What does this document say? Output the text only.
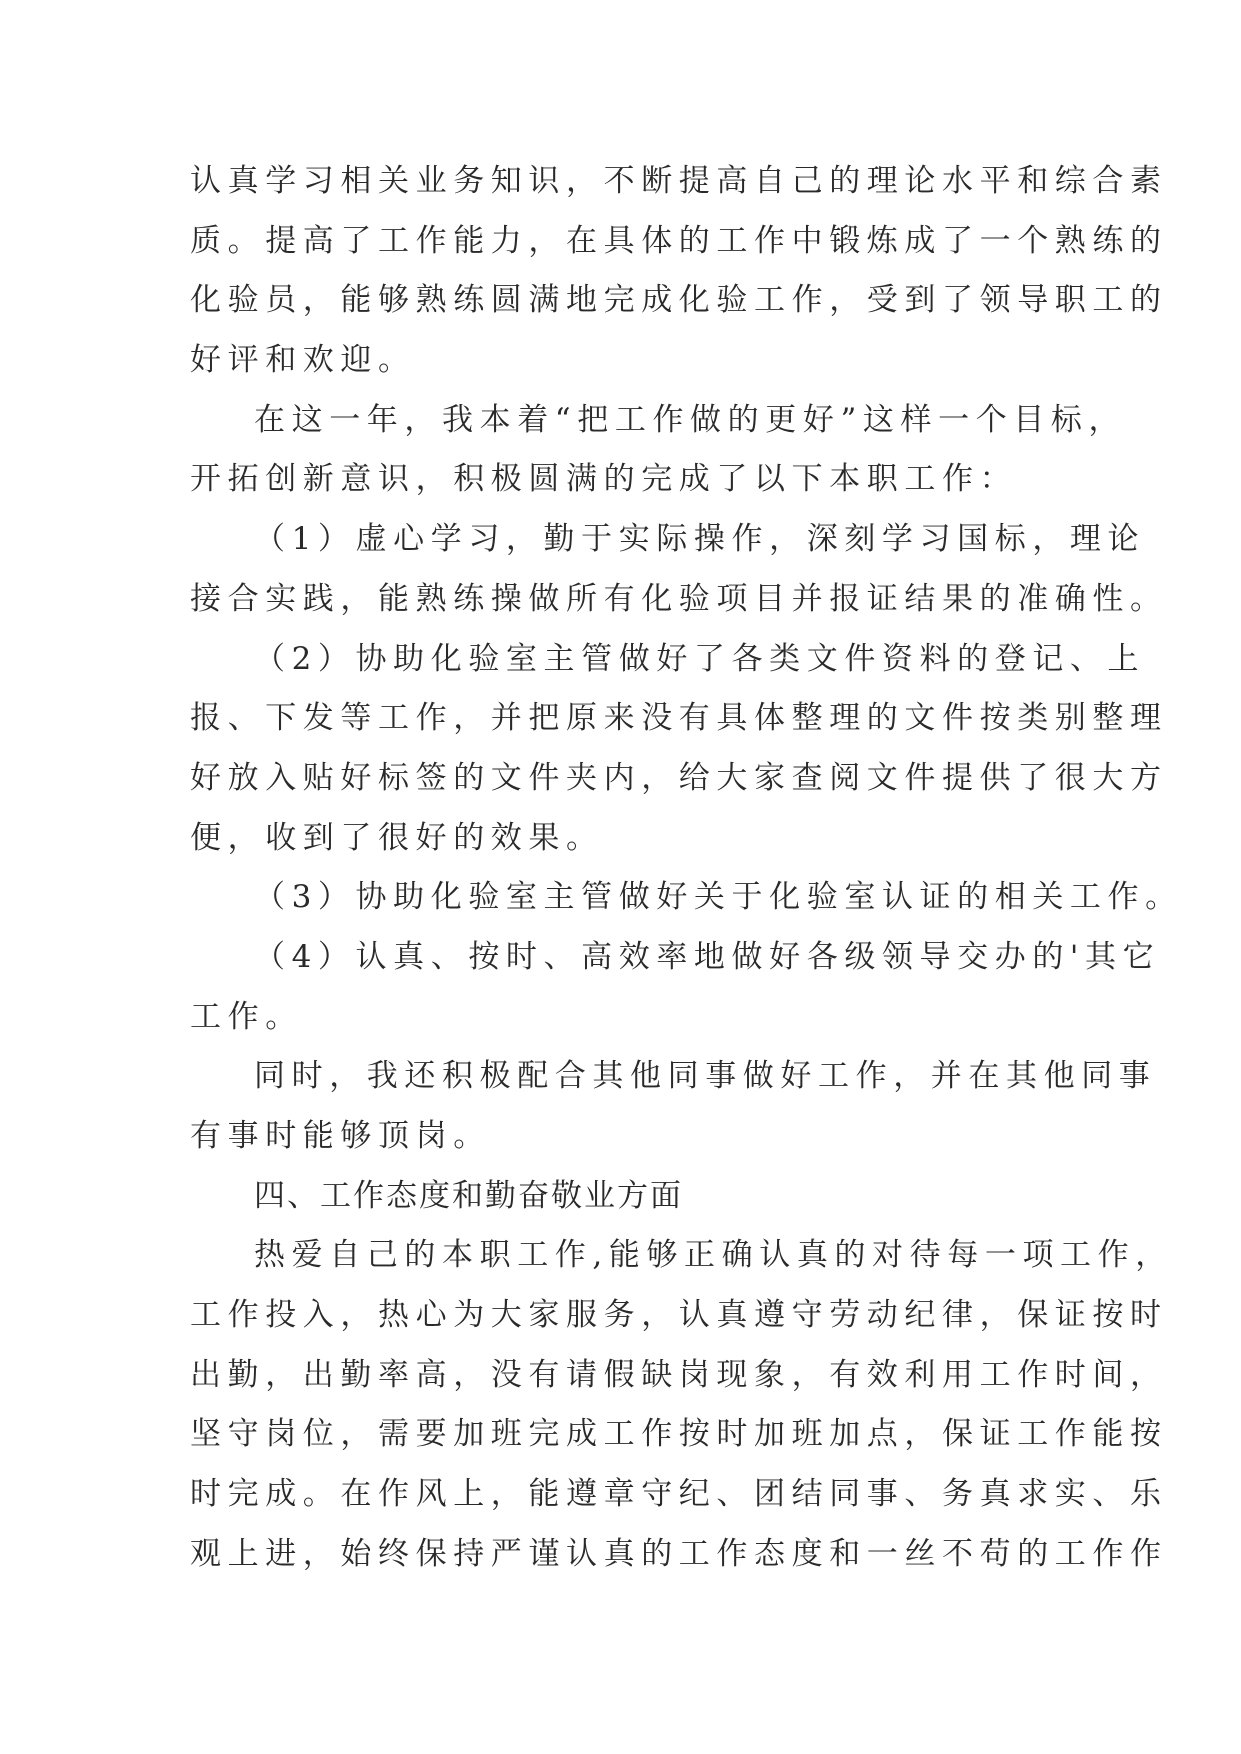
认真学习相关业务知识，不断提高自己的理论水平和综合素
质。提高了工作能力，在具体的工作中锻炼成了一个熟练的
化验员，能够熟练圆满地完成化验工作，受到了领导职工的
好评和欢迎。
在这一年，我本着“把工作做的更好”这样一个目标，
开拓创新意识，积极圆满的完成了以下本职工作：
（1）虚心学习，勤于实际操作，深刻学习国标，理论
接合实践，能熟练操做所有化验项目并报证结果的准确性。
（2）协助化验室主管做好了各类文件资料的登记、上
报、下发等工作，并把原来没有具体整理的文件按类别整理
好放入贴好标签的文件夹内，给大家查阅文件提供了很大方
便，收到了很好的效果。
（3）协助化验室主管做好关于化验室认证的相关工作。
（4）认真、按时、高效率地做好各级领导交办的'其它
工作。
同时，我还积极配合其他同事做好工作，并在其他同事
有事时能够顶岗。
四、工作态度和勤奋敬业方面
热爱自己的本职工作,能够正确认真的对待每一项工作，
工作投入，热心为大家服务，认真遵守劳动纪律，保证按时
出勤，出勤率高，没有请假缺岗现象，有效利用工作时间，
坚守岗位，需要加班完成工作按时加班加点，保证工作能按
时完成。在作风上，能遵章守纪、团结同事、务真求实、乐
观上进，始终保持严谨认真的工作态度和一丝不苟的工作作
